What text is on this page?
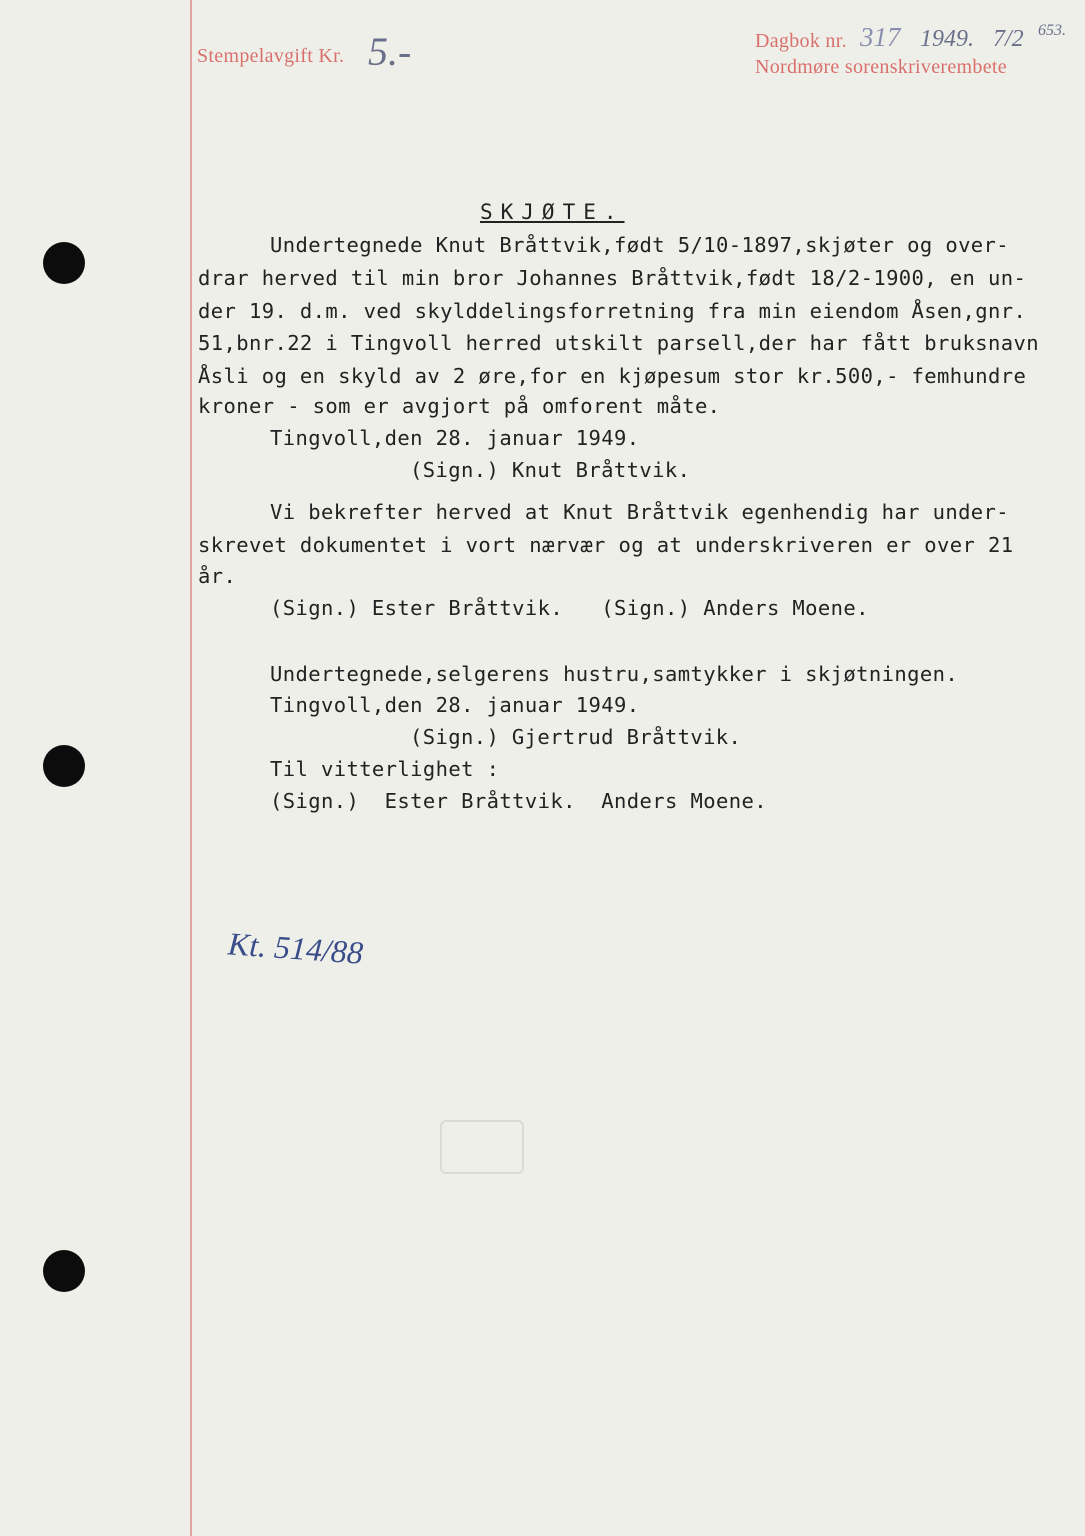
Stempelavgift Kr. 5.-	Dagbok nr. 317 1949. 7/2 653.
Nordmøre sorenskriverembete
SKJØTE.
Undertegnede Knut Bråttvik,født 5/10-1897,skjøter og over-
drar herved til min bror Johannes Bråttvik,født 18/2-1900, en un-
der 19. d.m. ved skylddelingsforretning fra min eiendom Åsen,gnr.
51,bnr.22 i Tingvoll herred utskilt parsell,der har fått bruksnavn
Åsli og en skyld av 2 øre,for en kjøpesum stor kr.500,- femhundre
kroner - som er avgjort på omforent måte.
Tingvoll,den 28. januar 1949.
(Sign.) Knut Bråttvik.
Vi bekrefter herved at Knut Bråttvik egenhendig har under-
skrevet dokumentet i vort nærvær og at underskriveren er over 21
år.
(Sign.) Ester Bråttvik.   (Sign.) Anders Moene.
Undertegnede,selgerens hustru,samtykker i skjøtningen.
Tingvoll,den 28. januar 1949.
(Sign.) Gjertrud Bråttvik.
Til vitterlighet :
(Sign.)  Ester Bråttvik.  Anders Moene.
Kt. 514/88
